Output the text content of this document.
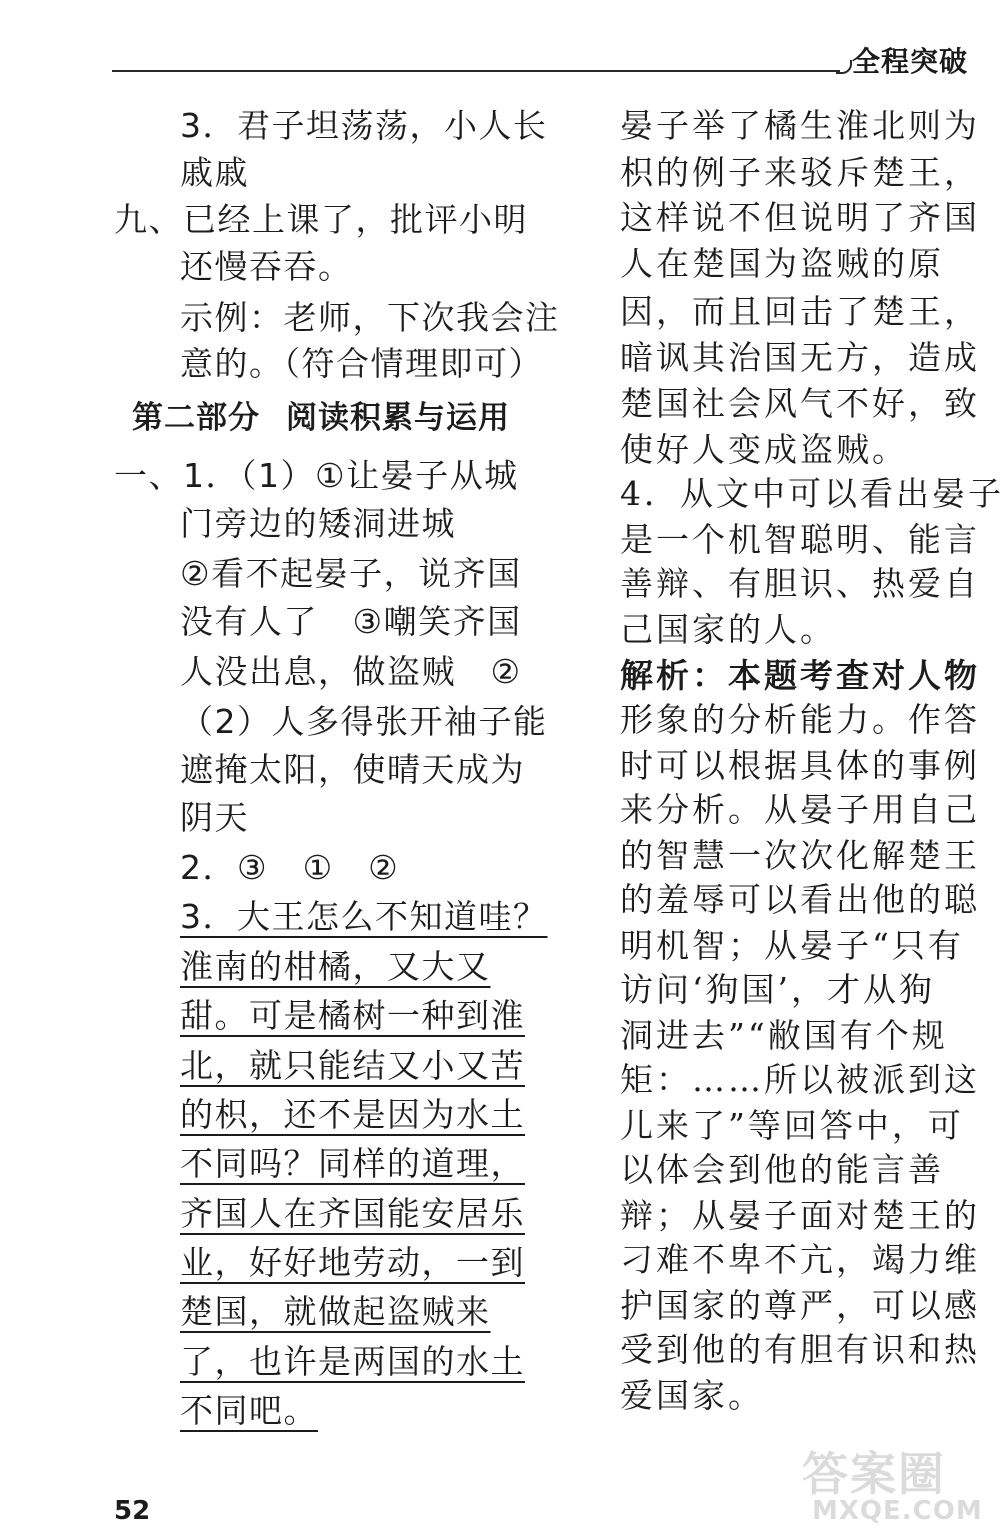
全程突破
3．君子坦荡荡，小人长
戚戚
九、已经上课了，批评小明
还慢吞吞。
示例：老师，下次我会注
意的。（符合情理即可）
第二部分 阅读积累与运用
一、1．（1）①让晏子从城
门旁边的矮洞进城
②看不起晏子，说齐国
没有人了　③嘲笑齐国
人没出息，做盗贼　②
（2）人多得张开袖子能
遮掩太阳，使晴天成为
阴天
2．③　①　②
3．大王怎么不知道哇？
淮南的柑橘，又大又
甜。可是橘树一种到淮
北，就只能结又小又苦
的枳，还不是因为水土
不同吗？同样的道理，
齐国人在齐国能安居乐
业，好好地劳动，一到
楚国，就做起盗贼来
了，也许是两国的水土
不同吧。
晏子举了橘生淮北则为
枳的例子来驳斥楚王，
这样说不但说明了齐国
人在楚国为盗贼的原
因，而且回击了楚王，
暗讽其治国无方，造成
楚国社会风气不好，致
使好人变成盗贼。
4．从文中可以看出晏子
是一个机智聪明、能言
善辩、有胆识、热爱自
己国家的人。
解析：本题考查对人物
形象的分析能力。作答
时可以根据具体的事例
来分析。从晏子用自己
的智慧一次次化解楚王
的羞辱可以看出他的聪
明机智；从晏子“只有
访问‘狗国’，才从狗
洞进去”“敝国有个规
矩：……所以被派到这
儿来了”等回答中，可
以体会到他的能言善
辩；从晏子面对楚王的
刁难不卑不亢，竭力维
护国家的尊严，可以感
受到他的有胆有识和热
爱国家。
52
答案圈
MXQE.COM
